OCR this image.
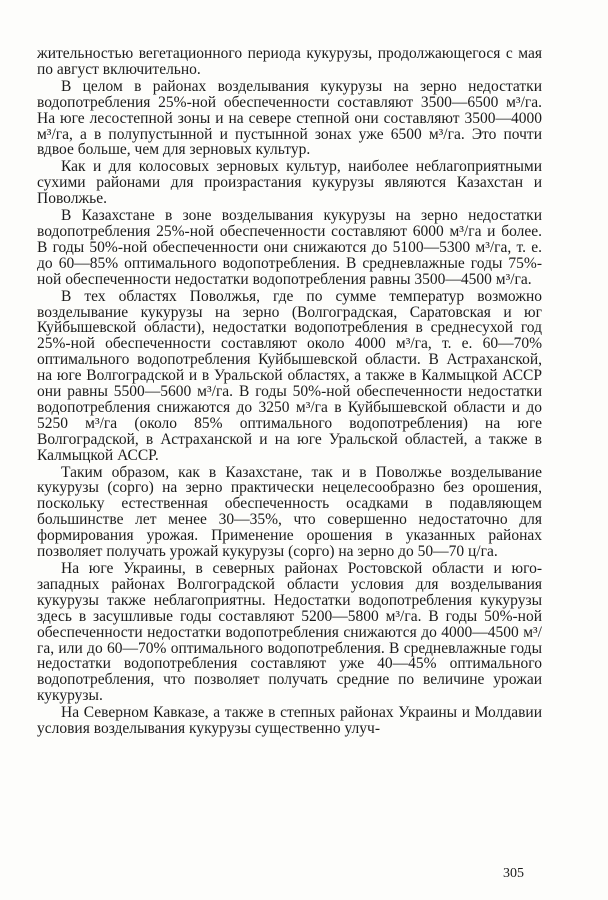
жительностью вегетационного периода кукурузы, продолжающегося с мая по август включительно.

В целом в районах возделывания кукурузы на зерно недостатки водопотребления 25%-ной обеспеченности составляют 3500—6500 м³/га. На юге лесостепной зоны и на севере степной они составляют 3500—4000 м³/га, а в полупустынной и пустынной зонах уже 6500 м³/га. Это почти вдвое больше, чем для зерновых культур.

Как и для колосовых зерновых культур, наиболее неблагоприятными сухими районами для произрастания кукурузы являются Казахстан и Поволжье.

В Казахстане в зоне возделывания кукурузы на зерно недостатки водопотребления 25%-ной обеспеченности составляют 6000 м³/га и более. В годы 50%-ной обеспеченности они снижаются до 5100—5300 м³/га, т. е. до 60—85% оптимального водопотребления. В средневлажные годы 75%-ной обеспеченности недостатки водопотребления равны 3500—4500 м³/га.

В тех областях Поволжья, где по сумме температур возможно возделывание кукурузы на зерно (Волгоградская, Саратовская и юг Куйбышевской области), недостатки водопотребления в среднесухой год 25%-ной обеспеченности составляют около 4000 м³/га, т. е. 60—70% оптимального водопотребления Куйбышевской области. В Астраханской, на юге Волгоградской и в Уральской областях, а также в Калмыцкой АССР они равны 5500—5600 м³/га. В годы 50%-ной обеспеченности недостатки водопотребления снижаются до 3250 м³/га в Куйбышевской области и до 5250 м³/га (около 85% оптимального водопотребления) на юге Волгоградской, в Астраханской и на юге Уральской областей, а также в Калмыцкой АССР.

Таким образом, как в Казахстане, так и в Поволжье возделывание кукурузы (сорго) на зерно практически нецелесообразно без орошения, поскольку естественная обеспеченность осадками в подавляющем большинстве лет менее 30—35%, что совершенно недостаточно для формирования урожая. Применение орошения в указанных районах позволяет получать урожай кукурузы (сорго) на зерно до 50—70 ц/га.

На юге Украины, в северных районах Ростовской области и юго-западных районах Волгоградской области условия для возделывания кукурузы также неблагоприятны. Недостатки водопотребления кукурузы здесь в засушливые годы составляют 5200—5800 м³/га. В годы 50%-ной обеспеченности недостатки водопотребления снижаются до 4000—4500 м³/га, или до 60—70% оптимального водопотребления. В средневлажные годы недостатки водопотребления составляют уже 40—45% оптимального водопотребления, что позволяет получать средние по величине урожаи кукурузы.

На Северном Кавказе, а также в степных районах Украины и Молдавии условия возделывания кукурузы существенно улуч-

305
